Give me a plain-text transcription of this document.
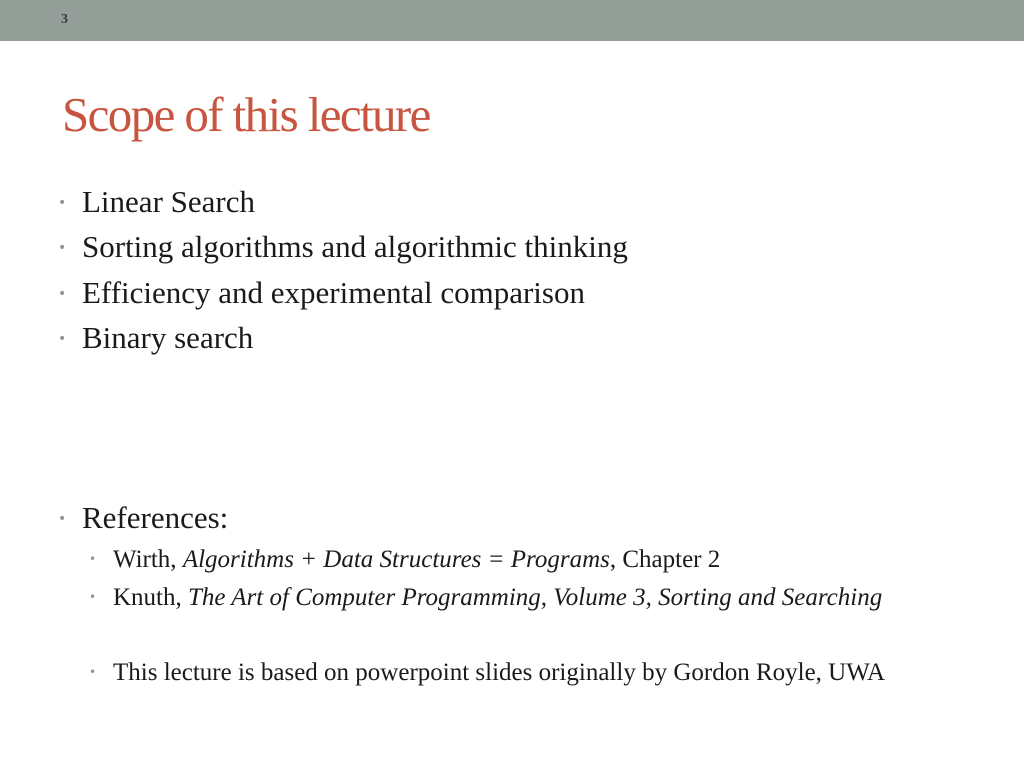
3
Scope of this lecture
• Linear Search
• Sorting algorithms and algorithmic thinking
• Efficiency and experimental comparison
• Binary search
• References:
• Wirth, Algorithms + Data Structures = Programs, Chapter 2
• Knuth, The Art of Computer Programming, Volume 3, Sorting and Searching
• This lecture is based on powerpoint slides originally by Gordon Royle, UWA
